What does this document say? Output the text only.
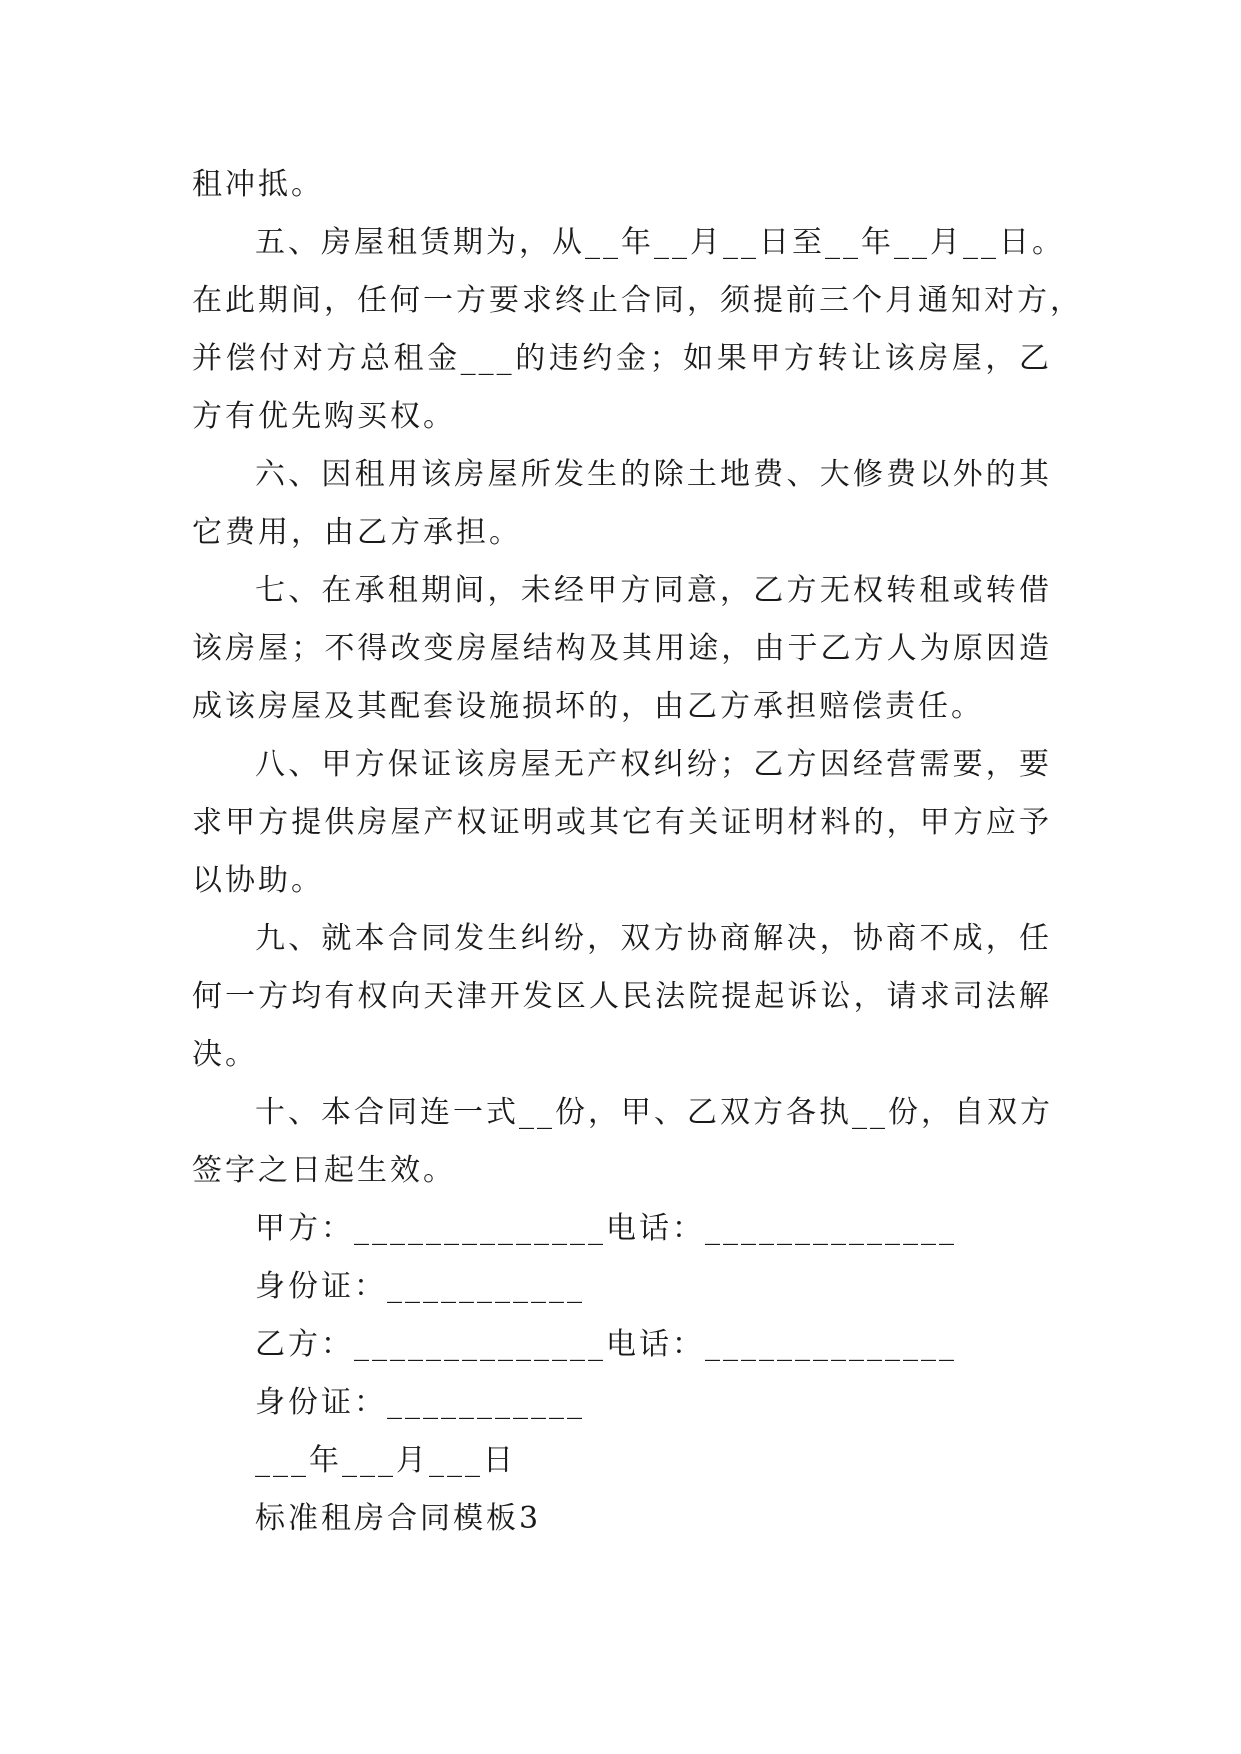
租冲抵。
五、房屋租赁期为，从__年__月__日至__年__月__日。
在此期间，任何一方要求终止合同，须提前三个月通知对方，
并偿付对方总租金___的违约金；如果甲方转让该房屋，乙
方有优先购买权。
六、因租用该房屋所发生的除土地费、大修费以外的其
它费用，由乙方承担。
七、在承租期间，未经甲方同意，乙方无权转租或转借
该房屋；不得改变房屋结构及其用途，由于乙方人为原因造
成该房屋及其配套设施损坏的，由乙方承担赔偿责任。
八、甲方保证该房屋无产权纠纷；乙方因经营需要，要
求甲方提供房屋产权证明或其它有关证明材料的，甲方应予
以协助。
九、就本合同发生纠纷，双方协商解决，协商不成，任
何一方均有权向天津开发区人民法院提起诉讼，请求司法解
决。
十、本合同连一式__份，甲、乙双方各执__份，自双方
签字之日起生效。
甲方：______________电话：______________
身份证：___________
乙方：______________电话：______________
身份证：___________
___年___月___日
标准租房合同模板3
